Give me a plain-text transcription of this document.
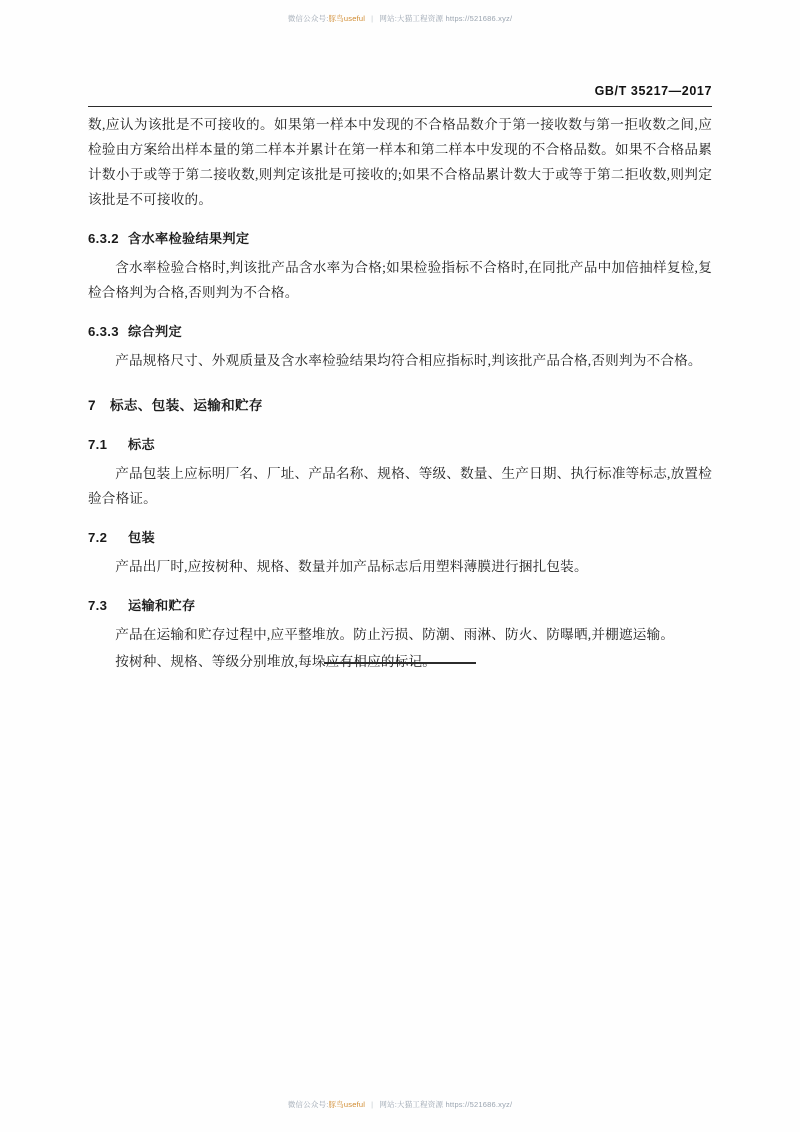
微信公众号:豚鸟useful | 网站:大猫工程资源 https://521686.xyz/
GB/T 35217—2017

数,应认为该批是不可接收的。如果第一样本中发现的不合格品数介于第一接收数与第一拒收数之间,应检验由方案给出样本量的第二样本并累计在第一样本和第二样本中发现的不合格品数。如果不合格品累计数小于或等于第二接收数,则判定该批是可接收的;如果不合格品累计数大于或等于第二拒收数,则判定该批是不可接收的。

6.3.2 含水率检验结果判定

含水率检验合格时,判该批产品含水率为合格;如果检验指标不合格时,在同批产品中加倍抽样复检,复检合格判为合格,否则判为不合格。

6.3.3 综合判定

产品规格尺寸、外观质量及含水率检验结果均符合相应指标时,判该批产品合格,否则判为不合格。

7 标志、包装、运输和贮存
7.1 标志

产品包装上应标明厂名、厂址、产品名称、规格、等级、数量、生产日期、执行标准等标志,放置检验合格证。

7.2 包装

产品出厂时,应按树种、规格、数量并加产品标志后用塑料薄膜进行捆扎包装。

7.3 运输和贮存

产品在运输和贮存过程中,应平整堆放。防止污损、防潮、雨淋、防火、防曝晒,并棚遮运输。

按树种、规格、等级分别堆放,每垛应有相应的标记。

微信公众号:豚鸟useful | 网站:大猫工程资源 https://521686.xyz/
